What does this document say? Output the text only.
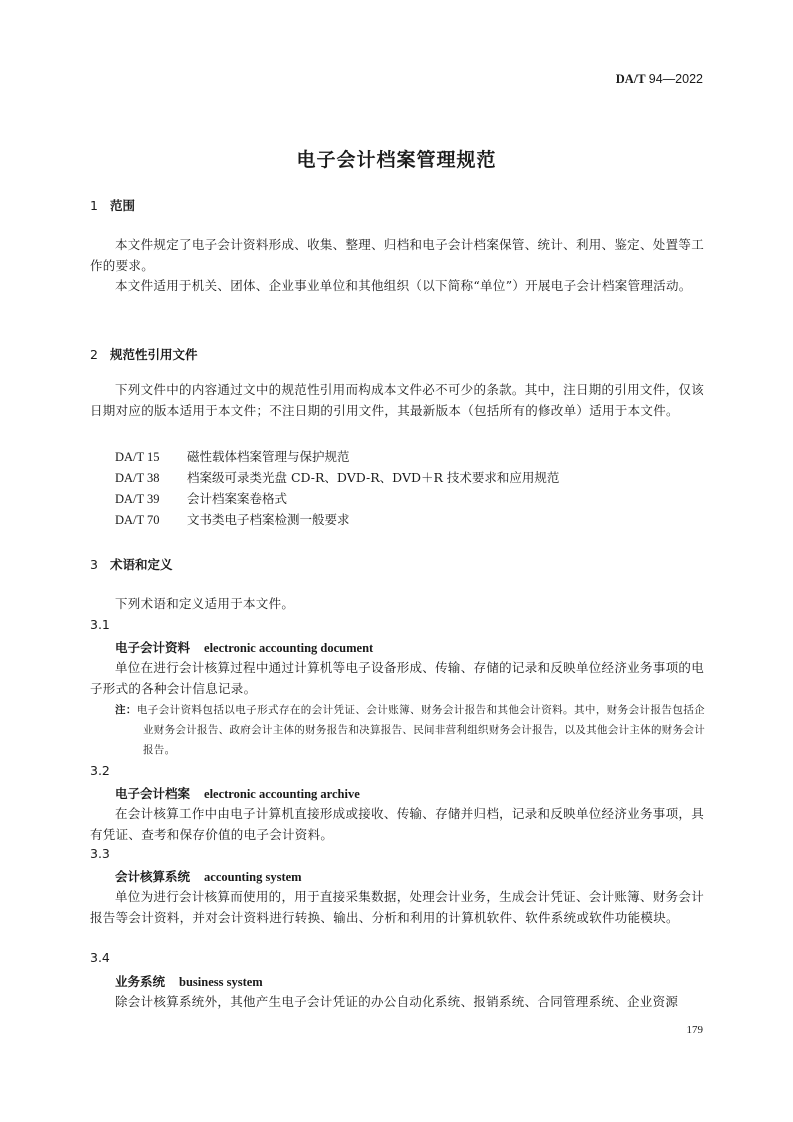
DA/T 94—2022
电子会计档案管理规范
1 范围
本文件规定了电子会计资料形成、收集、整理、归档和电子会计档案保管、统计、利用、鉴定、处置等工作的要求。
本文件适用于机关、团体、企业事业单位和其他组织（以下简称“单位”）开展电子会计档案管理活动。
2 规范性引用文件
下列文件中的内容通过文中的规范性引用而构成本文件必不可少的条款。其中，注日期的引用文件，仅该日期对应的版本适用于本文件；不注日期的引用文件，其最新版本（包括所有的修改单）适用于本文件。
DA/T 15 磁性载体档案管理与保护规范
DA/T 38 档案级可录类光盘 CD-R、DVD-R、DVD＋R 技术要求和应用规范
DA/T 39 会计档案案卷格式
DA/T 70 文书类电子档案检测一般要求
3 术语和定义
下列术语和定义适用于本文件。
3.1
电子会计资料 electronic accounting document
单位在进行会计核算过程中通过计算机等电子设备形成、传输、存储的记录和反映单位经济业务事项的电子形式的各种会计信息记录。
注：电子会计资料包括以电子形式存在的会计凭证、会计账簿、财务会计报告和其他会计资料。其中，财务会计报告包括企业财务会计报告、政府会计主体的财务报告和决算报告、民间非营利组织财务会计报告，以及其他会计主体的财务会计报告。
3.2
电子会计档案 electronic accounting archive
在会计核算工作中由电子计算机直接形成或接收、传输、存储并归档，记录和反映单位经济业务事项，具有凭证、查考和保存价值的电子会计资料。
3.3
会计核算系统 accounting system
单位为进行会计核算而使用的，用于直接采集数据，处理会计业务，生成会计凭证、会计账簿、财务会计报告等会计资料，并对会计资料进行转换、输出、分析和利用的计算机软件、软件系统或软件功能模块。
3.4
业务系统 business system
除会计核算系统外，其他产生电子会计凭证的办公自动化系统、报销系统、合同管理系统、企业资源
179
